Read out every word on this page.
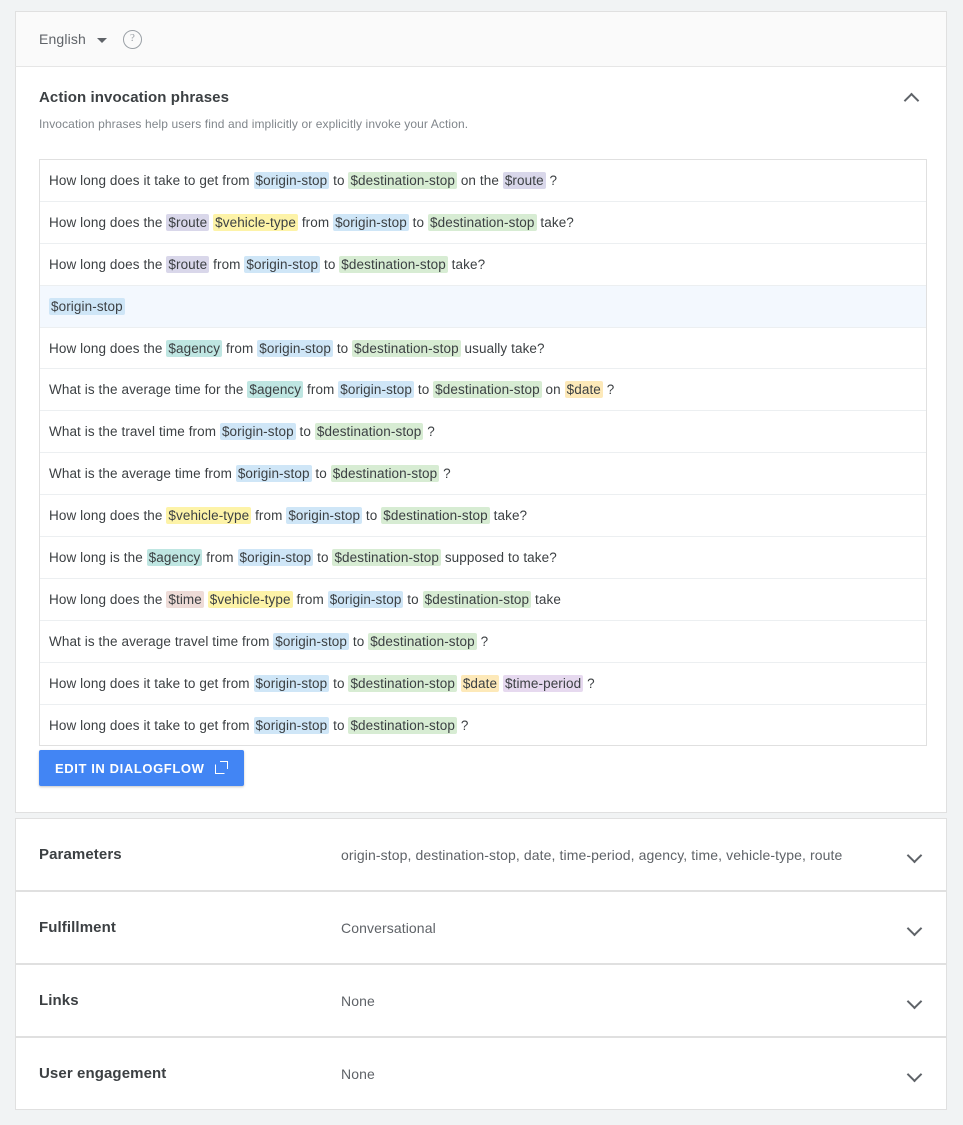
English	?
Action invocation phrases
Invocation phrases help users find and implicitly or explicitly invoke your Action.
How long does it take to get from $origin-stop to $destination-stop on the $route ?
How long does the $route
$vehicle-type from $origin-stop to $destination-stop take?
How long does the $route from $origin-stop to $destination-stop take?
$origin-stop
How long does the $agency from $origin-stop to $destination-stop usually take?
What is the average time for the $agency from $origin-stop to $destination-stop on $date ?
What is the travel time from $origin-stop to $destination-stop ?
What is the average time from $origin-stop to $destination-stop ?
How long does the $vehicle-type from $origin-stop to $destination-stop take?
How long is the $agency from $origin-stop to $destination-stop supposed to take?
How long does the $time
$vehicle-type from $origin-stop to $destination-stop take
What is the average travel time from $origin-stop to $destination-stop ?
How long does it take to get from $origin-stop to $destination-stop
$date
$time-period ?
How long does it take to get from $origin-stop to $destination-stop ?
EDIT IN DIALOGFLOW
Parameters	origin-stop, destination-stop, date, time-period, agency, time, vehicle-type, route
Fulfillment	Conversational
Links	None
User engagement	None
